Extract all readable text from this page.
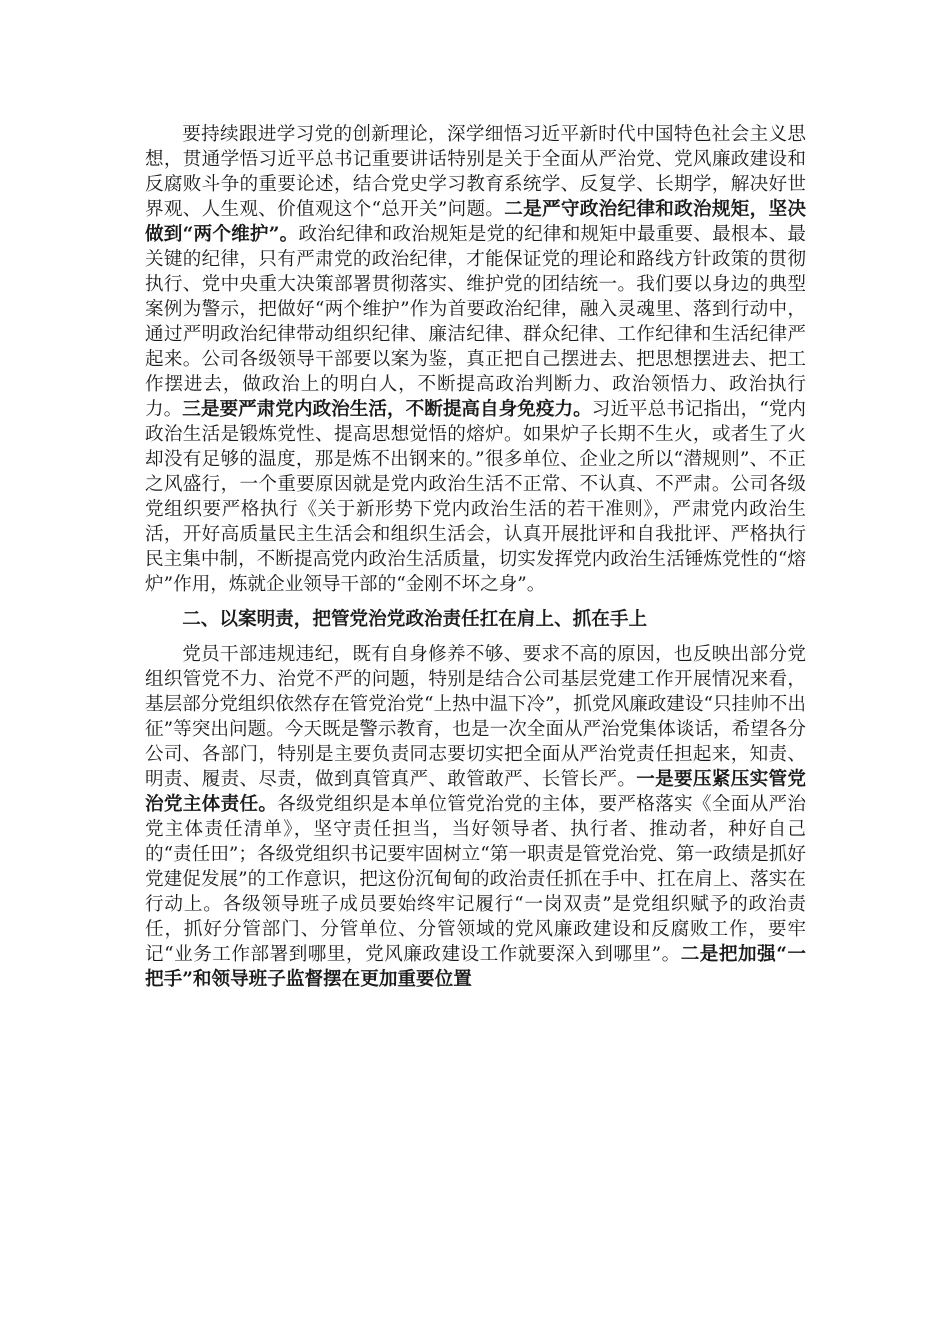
要持续跟进学习党的创新理论，深学细悟习近平新时代中国特色社会主义思想，贯通学悟习近平总书记重要讲话特别是关于全面从严治党、党风廉政建设和反腐败斗争的重要论述，结合党史学习教育系统学、反复学、长期学，解决好世界观、人生观、价值观这个“总开关”问题。二是严守政治纪律和政治规矩，坚决做到“两个维护”。政治纪律和政治规矩是党的纪律和规矩中最重要、最根本、最关键的纪律，只有严肃党的政治纪律，才能保证党的理论和路线方针政策的贯彻执行、党中央重大决策部署贯彻落实、维护党的团结统一。我们要以身边的典型案例为警示，把做好“两个维护”作为首要政治纪律，融入灵魂里、落到行动中，通过严明政治纪律带动组织纪律、廉洁纪律、群众纪律、工作纪律和生活纪律严起来。公司各级领导干部要以案为鉴，真正把自己摆进去、把思想摆进去、把工作摆进去，做政治上的明白人，不断提高政治判断力、政治领悟力、政治执行力。三是要严肃党内政治生活，不断提高自身免疫力。习近平总书记指出，“党内政治生活是锻炼党性、提高思想觉悟的熔炉。如果炉子长期不生火，或者生了火却没有足够的温度，那是炼不出钢来的。”很多单位、企业之所以“潜规则”、不正之风盛行，一个重要原因就是党内政治生活不正常、不认真、不严肃。公司各级党组织要严格执行《关于新形势下党内政治生活的若干准则》，严肃党内政治生活，开好高质量民主生活会和组织生活会，认真开展批评和自我批评、严格执行民主集中制，不断提高党内政治生活质量，切实发挥党内政治生活锤炼党性的“熔炉”作用，炼就企业领导干部的“金刚不坏之身”。

二、以案明责，把管党治党政治责任扛在肩上、抓在手上

党员干部违规违纪，既有自身修养不够、要求不高的原因，也反映出部分党组织管党不力、治党不严的问题，特别是结合公司基层党建工作开展情况来看，基层部分党组织依然存在管党治党“上热中温下冷”，抓党风廉政建设“只挂帅不出征”等突出问题。今天既是警示教育，也是一次全面从严治党集体谈话，希望各分公司、各部门，特别是主要负责同志要切实把全面从严治党责任担起来，知责、明责、履责、尽责，做到真管真严、敢管敢严、长管长严。一是要压紧压实管党治党主体责任。各级党组织是本单位管党治党的主体，要严格落实《全面从严治党主体责任清单》，坚守责任担当，当好领导者、执行者、推动者，种好自己的“责任田”；各级党组织书记要牢固树立“第一职责是管党治党、第一政绩是抓好党建促发展”的工作意识，把这份沉甸甸的政治责任抓在手中、扛在肩上、落实在行动上。各级领导班子成员要始终牢记履行“一岗双责”是党组织赋予的政治责任，抓好分管部门、分管单位、分管领域的党风廉政建设和反腐败工作，要牢记“业务工作部署到哪里，党风廉政建设工作就要深入到哪里”。二是把加强“一把手”和领导班子监督摆在更加重要位置
